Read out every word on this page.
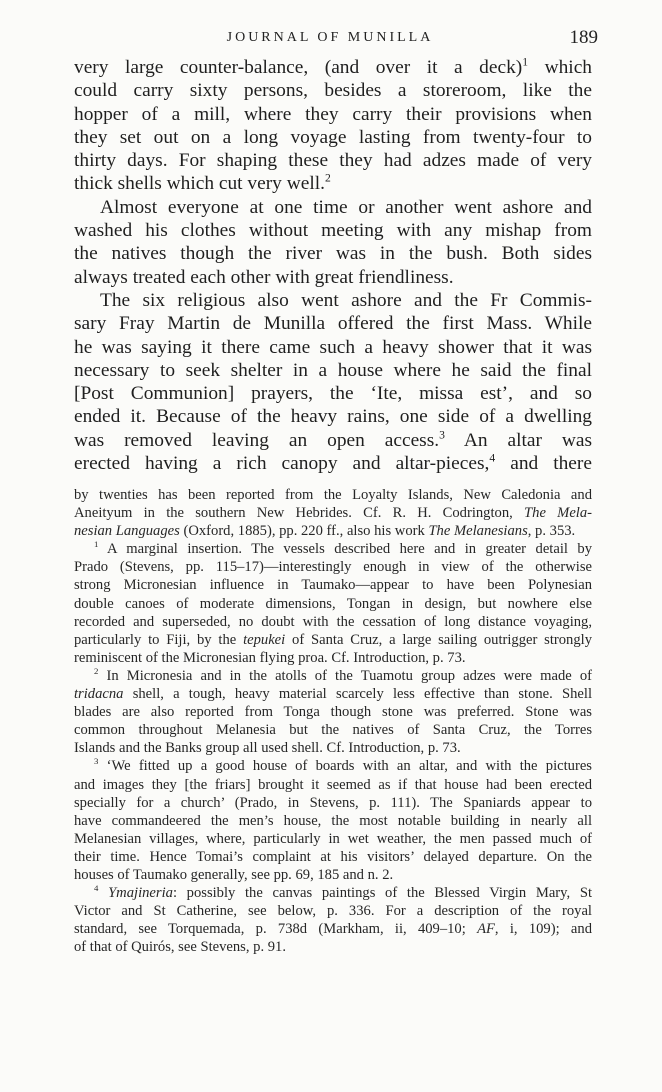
JOURNAL OF MUNILLA	189
very large counter-balance, (and over it a deck)$^1$ which
could carry sixty persons, besides a storeroom, like the
hopper of a mill, where they carry their provisions when
they set out on a long voyage lasting from twenty-four to
thirty days. For shaping these they had adzes made of very
thick shells which cut very well.$^2$
Almost everyone at one time or another went ashore and
washed his clothes without meeting with any mishap from
the natives though the river was in the bush. Both sides
always treated each other with great friendliness.
The six religious also went ashore and the Fr Commis-
sary Fray Martin de Munilla offered the first Mass. While
he was saying it there came such a heavy shower that it was
necessary to seek shelter in a house where he said the final
[Post Communion] prayers, the ‘Ite, missa est’, and so
ended it. Because of the heavy rains, one side of a dwelling
was removed leaving an open access.$^3$ An altar was
erected having a rich canopy and altar-pieces,$^4$ and there
by twenties has been reported from the Loyalty Islands, New Caledonia and
Aneityum in the southern New Hebrides. Cf. R. H. Codrington, The Mela-
nesian Languages (Oxford, 1885), pp. 220 ff., also his work The Melanesians, p. 353.
$^1$ A marginal insertion. The vessels described here and in greater detail by
Prado (Stevens, pp. 115–17)—interestingly enough in view of the otherwise
strong Micronesian influence in Taumako—appear to have been Polynesian
double canoes of moderate dimensions, Tongan in design, but nowhere else
recorded and superseded, no doubt with the cessation of long distance voyaging,
particularly to Fiji, by the tepukei of Santa Cruz, a large sailing outrigger strongly
reminiscent of the Micronesian flying proa. Cf. Introduction, p. 73.
$^2$ In Micronesia and in the atolls of the Tuamotu group adzes were made of
tridacna shell, a tough, heavy material scarcely less effective than stone. Shell
blades are also reported from Tonga though stone was preferred. Stone was
common throughout Melanesia but the natives of Santa Cruz, the Torres
Islands and the Banks group all used shell. Cf. Introduction, p. 73.
$^3$ ‘We fitted up a good house of boards with an altar, and with the pictures
and images they [the friars] brought it seemed as if that house had been erected
specially for a church’ (Prado, in Stevens, p. 111). The Spaniards appear to
have commandeered the men’s house, the most notable building in nearly all
Melanesian villages, where, particularly in wet weather, the men passed much of
their time. Hence Tomai’s complaint at his visitors’ delayed departure. On the
houses of Taumako generally, see pp. 69, 185 and n. 2.
$^4$ Ymajineria: possibly the canvas paintings of the Blessed Virgin Mary, St
Victor and St Catherine, see below, p. 336. For a description of the royal
standard, see Torquemada, p. 738d (Markham, ii, 409–10; AF, i, 109); and
of that of Quirós, see Stevens, p. 91.
